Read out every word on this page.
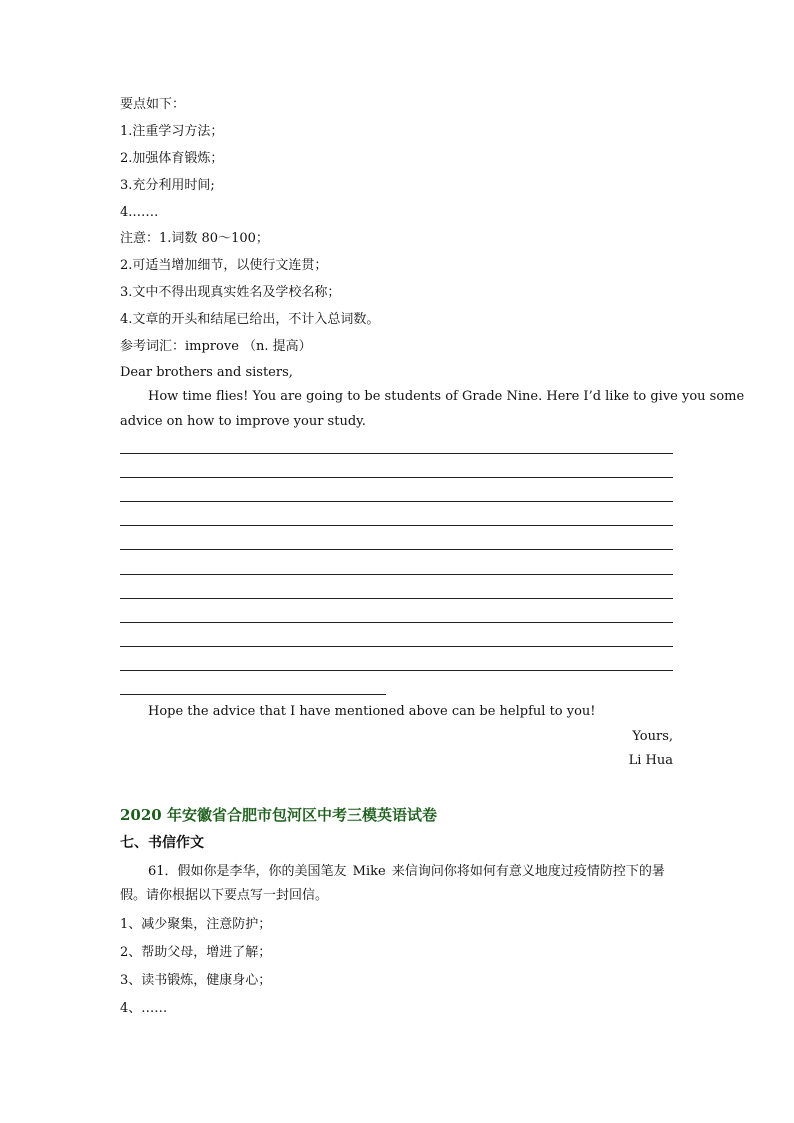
要点如下：
1.注重学习方法；
2.加强体育锻炼；
3.充分利用时间;
4.……
注意：1.词数 80～100；
2.可适当增加细节，以使行文连贯；
3.文中不得出现真实姓名及学校名称；
4.文章的开头和结尾已给出，不计入总词数。
参考词汇：improve （n. 提高）
Dear brothers and sisters,
How time flies! You are going to be students of Grade Nine. Here I’d like to give you some
advice on how to improve your study.
Hope the advice that I have mentioned above can be helpful to you!
Yours,
Li Hua
2020 年安徽省合肥市包河区中考三模英语试卷
七、书信作文
61．假如你是李华，你的美国笔友 Mike 来信询问你将如何有意义地度过疫情防控下的暑假。请你根据以下要点写一封回信。
1、减少聚集，注意防护；
2、帮助父母，增进了解；
3、读书锻炼，健康身心；
4、……
